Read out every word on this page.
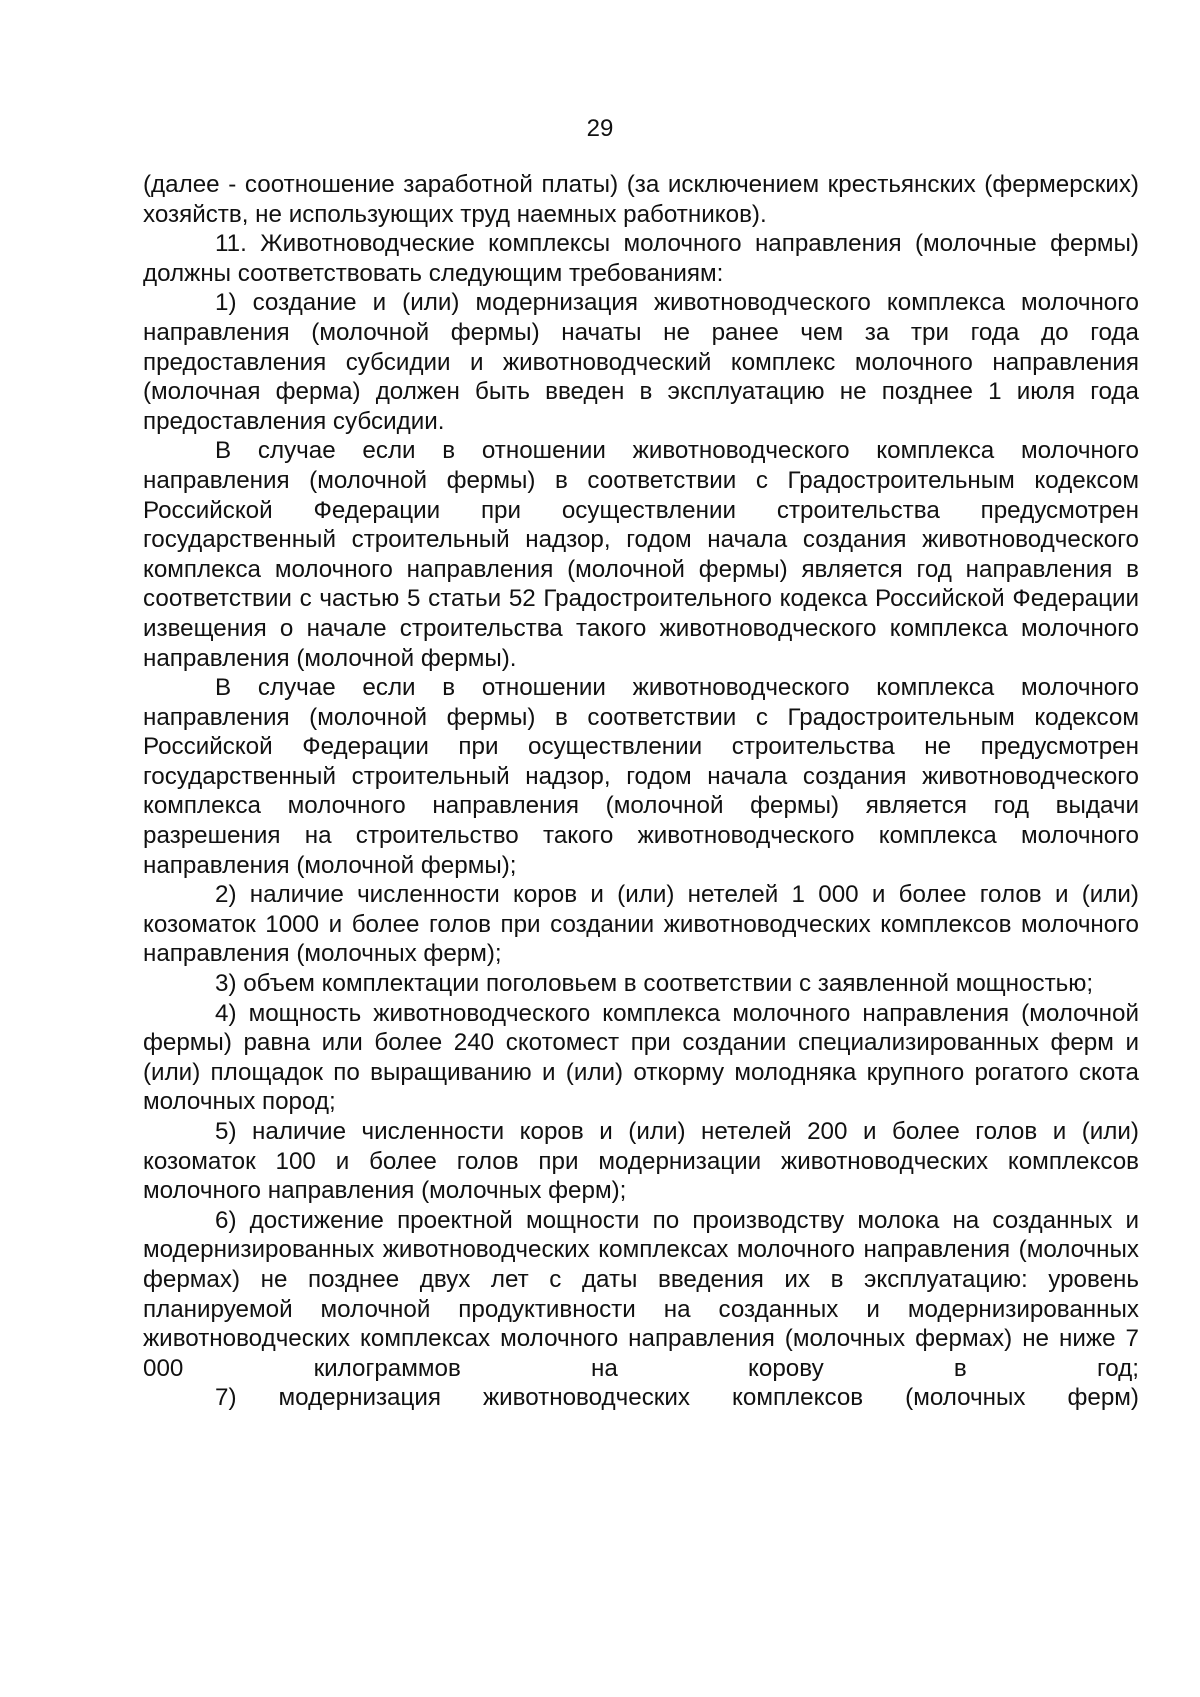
29

(далее - соотношение заработной платы) (за исключением крестьянских (фермерских) хозяйств, не использующих труд наемных работников).

11. Животноводческие комплексы молочного направления (молочные фермы) должны соответствовать следующим требованиям:

1) создание и (или) модернизация животноводческого комплекса молочного направления (молочной фермы) начаты не ранее чем за три года до года предоставления субсидии и животноводческий комплекс молочного направления (молочная ферма) должен быть введен в эксплуатацию не позднее 1 июля года предоставления субсидии.

В случае если в отношении животноводческого комплекса молочного направления (молочной фермы) в соответствии с Градостроительным кодексом Российской Федерации при осуществлении строительства предусмотрен государственный строительный надзор, годом начала создания животноводческого комплекса молочного направления (молочной фермы) является год направления в соответствии с частью 5 статьи 52 Градостроительного кодекса Российской Федерации извещения о начале строительства такого животноводческого комплекса молочного направления (молочной фермы).

В случае если в отношении животноводческого комплекса молочного направления (молочной фермы) в соответствии с Градостроительным кодексом Российской Федерации при осуществлении строительства не предусмотрен государственный строительный надзор, годом начала создания животноводческого комплекса молочного направления (молочной фермы) является год выдачи разрешения на строительство такого животноводческого комплекса молочного направления (молочной фермы);

2) наличие численности коров и (или) нетелей 1 000 и более голов и (или) козоматок 1000 и более голов при создании животноводческих комплексов молочного направления (молочных ферм);

3) объем комплектации поголовьем в соответствии с заявленной мощностью;

4) мощность животноводческого комплекса молочного направления (молочной фермы) равна или более 240 скотомест при создании специализированных ферм и (или) площадок по выращиванию и (или) откорму молодняка крупного рогатого скота молочных пород;

5) наличие численности коров и (или) нетелей 200 и более голов и (или) козоматок 100 и более голов при модернизации животноводческих комплексов молочного направления (молочных ферм);

6) достижение проектной мощности по производству молока на созданных и модернизированных животноводческих комплексах молочного направления (молочных фермах) не позднее двух лет с даты введения их в эксплуатацию: уровень планируемой молочной продуктивности на созданных и модернизированных животноводческих комплексах молочного направления (молочных фермах) не ниже 7 000 килограммов на корову в год;

7) модернизация животноводческих комплексов (молочных ферм)
